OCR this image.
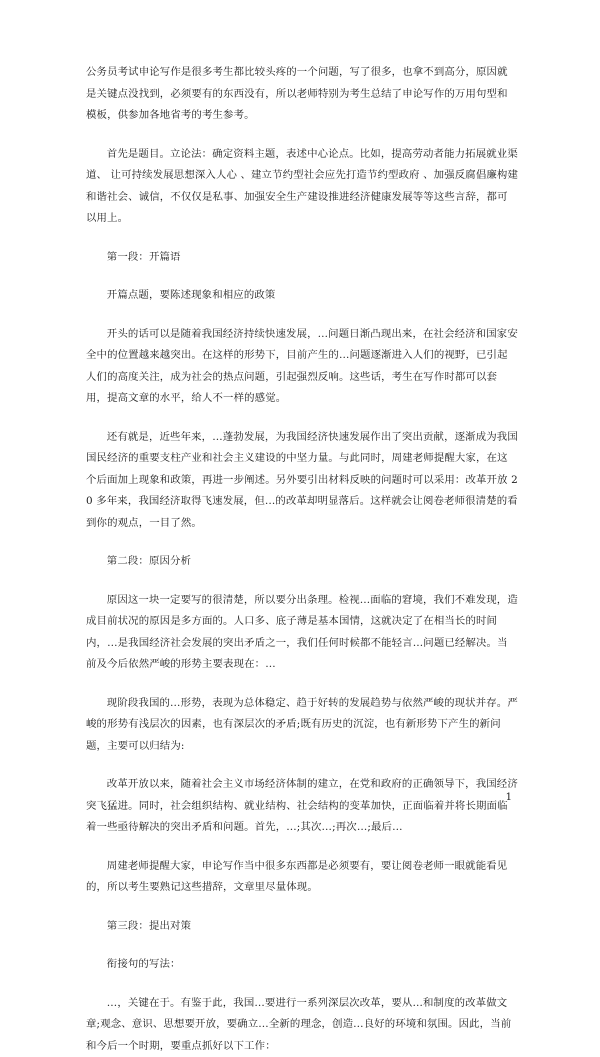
公务员考试申论写作是很多考生都比较头疼的一个问题，写了很多，也拿不到高分，原因就是关键点没找到，必须要有的东西没有，所以老师特别为考生总结了申论写作的万用句型和模板，供参加各地省考的考生参考。

首先是题目。立论法：确定资料主题，表述中心论点。比如，提高劳动者能力拓展就业渠道、 让可持续发展思想深入人心 、建立节约型社会应先打造节约型政府 、加强反腐倡廉构建和谐社会、诚信，不仅仅是私事、加强安全生产建设推进经济健康发展等等这些言辞，都可以用上。

第一段：开篇语

开篇点题，要陈述现象和相应的政策

开头的话可以是随着我国经济持续快速发展，…问题日渐凸现出来，在社会经济和国家安全中的位置越来越突出。在这样的形势下，目前产生的…问题逐渐进入人们的视野，已引起人们的高度关注，成为社会的热点问题，引起强烈反响。这些话，考生在写作时都可以套用，提高文章的水平，给人不一样的感觉。

还有就是，近些年来，…蓬勃发展，为我国经济快速发展作出了突出贡献，逐渐成为我国国民经济的重要支柱产业和社会主义建设的中坚力量。与此同时，周建老师提醒大家，在这个后面加上现象和政策，再进一步阐述。另外要引出材料反映的问题时可以采用：改革开放 20 多年来，我国经济取得飞速发展，但…的改革却明显落后。这样就会让阅卷老师很清楚的看到你的观点，一目了然。

第二段：原因分析

原因这一块一定要写的很清楚，所以要分出条理。检视…面临的窘境，我们不难发现，造成目前状况的原因是多方面的。人口多、底子薄是基本国情，这就决定了在相当长的时间内，…是我国经济社会发展的突出矛盾之一，我们任何时候都不能轻言…问题已经解决。当前及今后依然严峻的形势主要表现在：…

现阶段我国的…形势，表现为总体稳定、趋于好转的发展趋势与依然严峻的现状并存。严峻的形势有浅层次的因素，也有深层次的矛盾;既有历史的沉淀，也有新形势下产生的新问题，主要可以归结为:

改革开放以来，随着社会主义市场经济体制的建立，在党和政府的正确领导下，我国经济突飞猛进。同时，社会组织结构、就业结构、社会结构的变革加快，正面临着并将长期面临着一些亟待解决的突出矛盾和问题。首先，…;其次…;再次…;最后…

周建老师提醒大家，申论写作当中很多东西都是必须要有，要让阅卷老师一眼就能看见的，所以考生要熟记这些措辞，文章里尽量体现。

第三段：提出对策

衔接句的写法：

…，关键在于。有鉴于此，我国…要进行一系列深层次改革，要从…和制度的改革做文章;观念、意识、思想要开放，要确立…全新的理念，创造…良好的环境和氛围。因此，当前和今后一个时期，要重点抓好以下工作：

1
